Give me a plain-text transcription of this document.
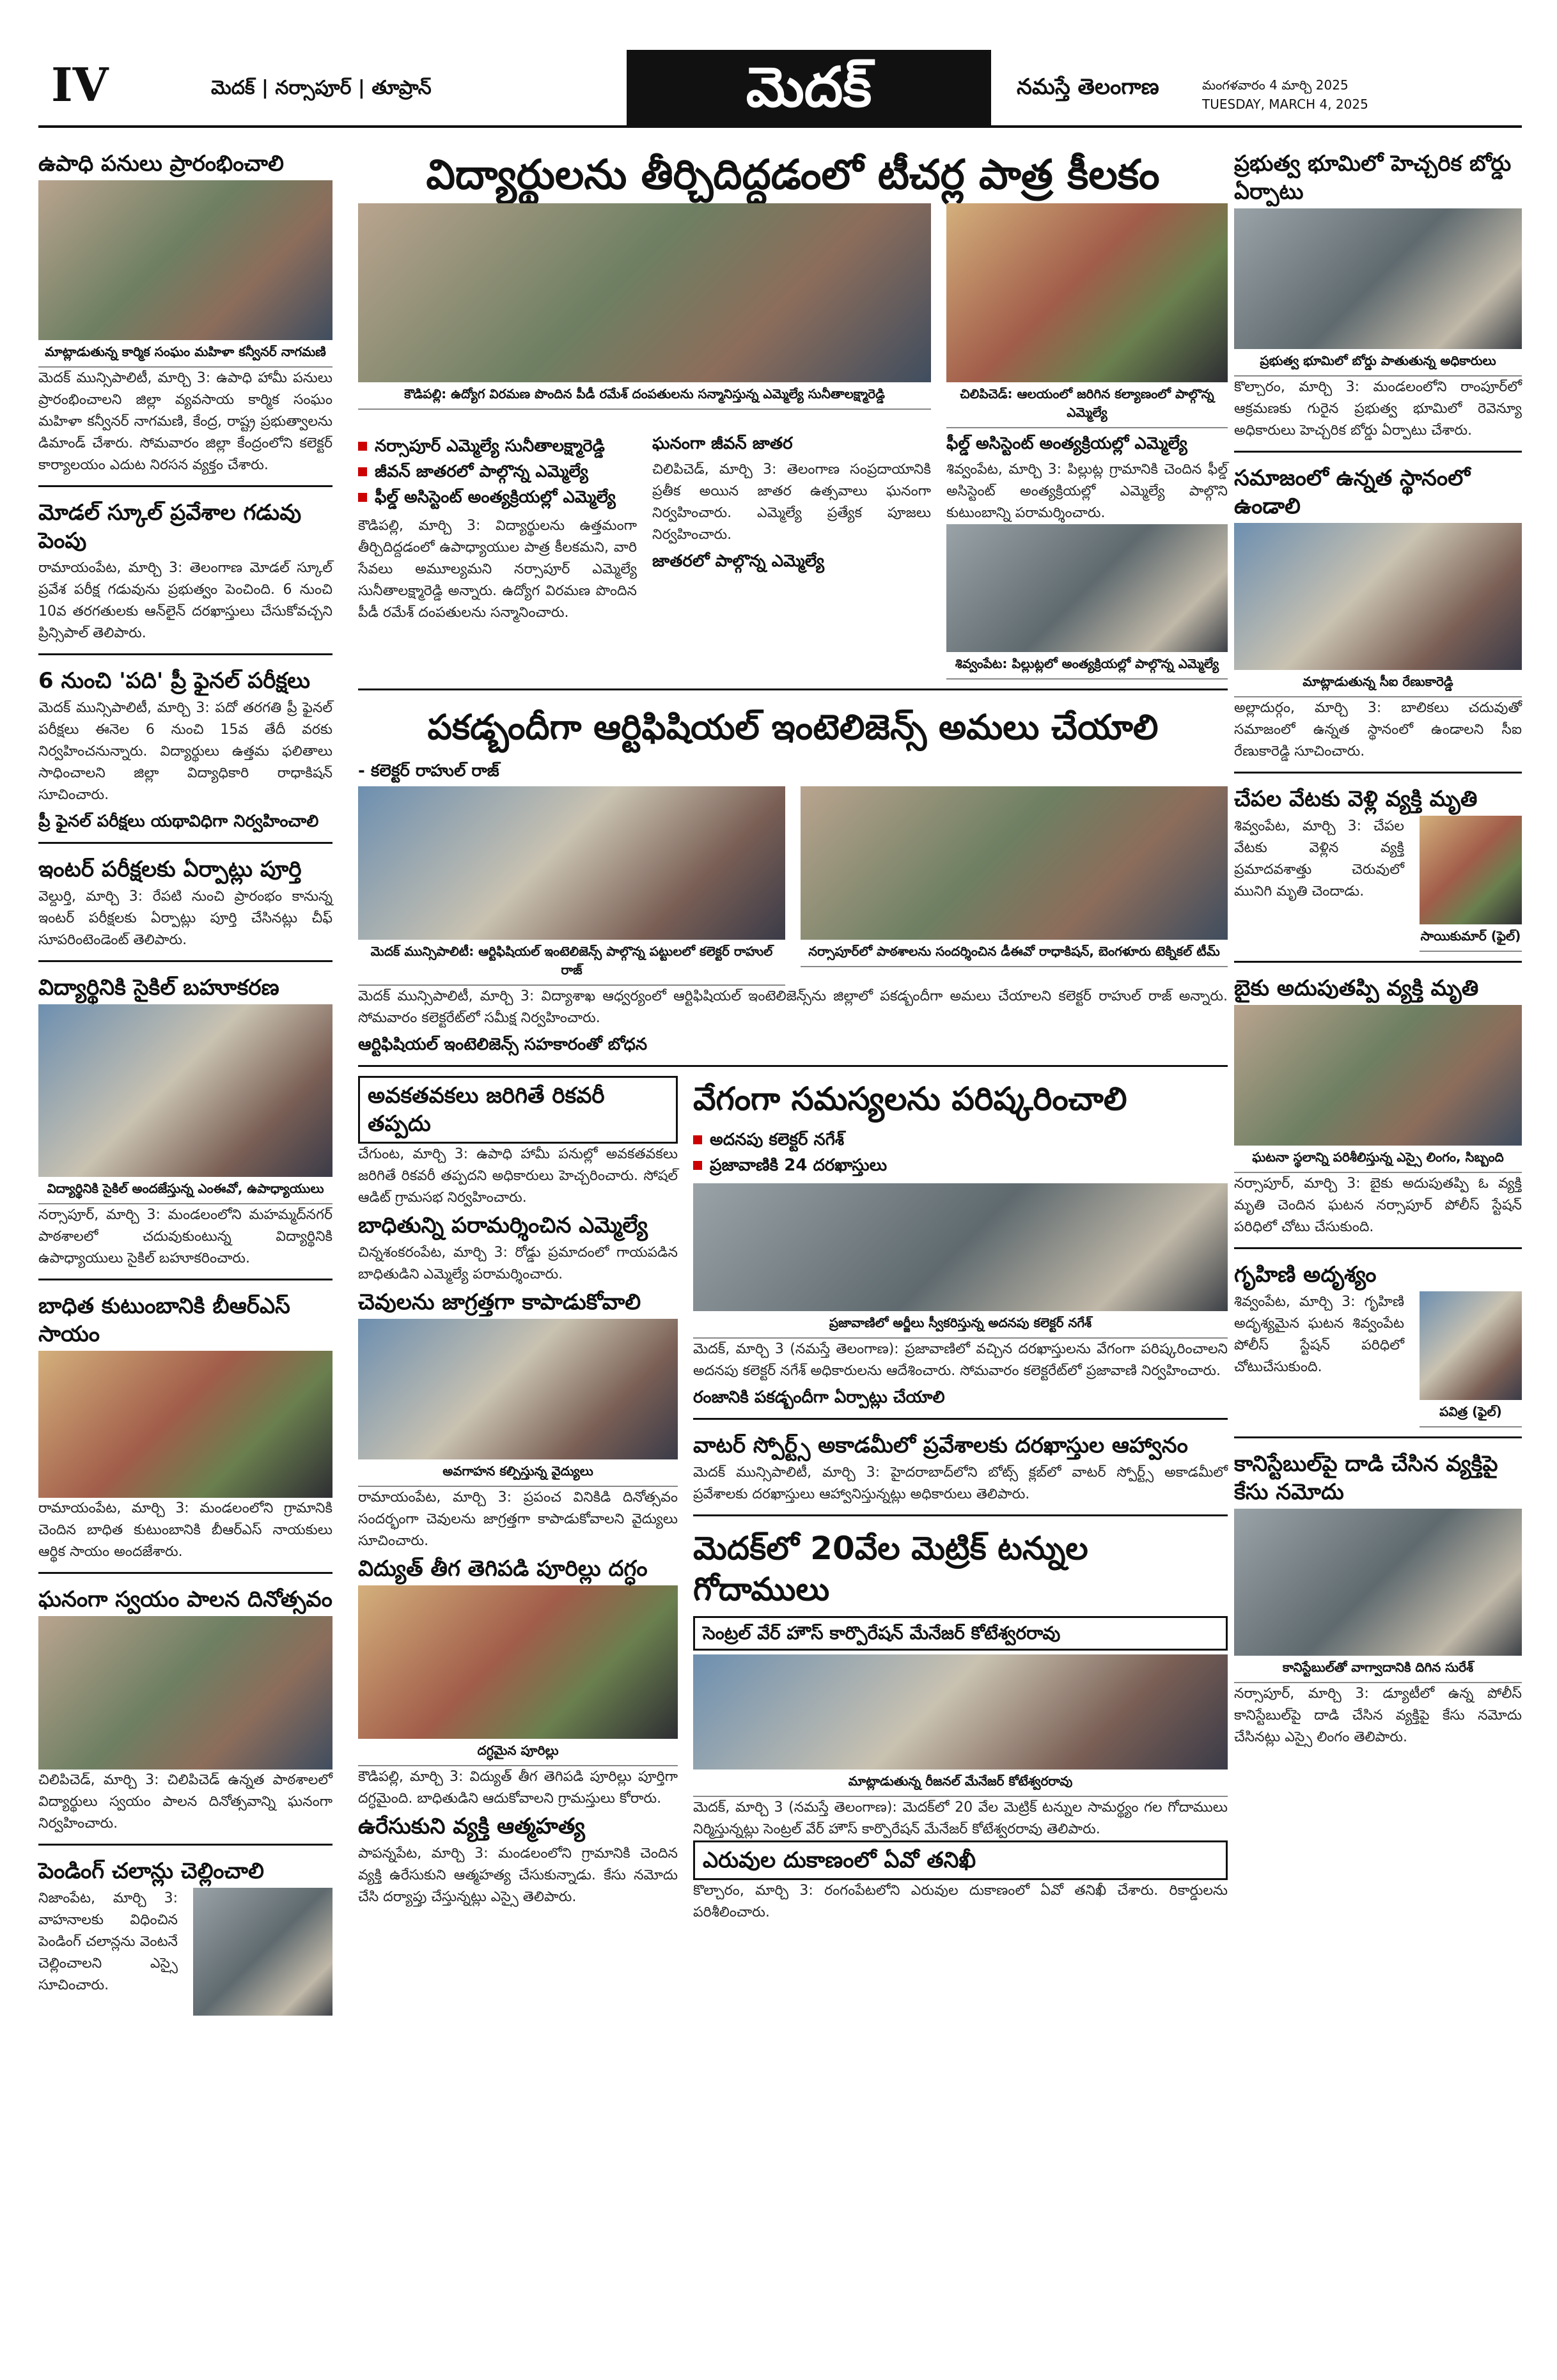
IV	మెదక్ | నర్సాపూర్ | తూప్రాన్	మెదక్	నమస్తే తెలంగాణ	మంగళవారం 4 మార్చి 2025
TUESDAY, MARCH 4, 2025
ఉపాధి పనులు ప్రారంభించాలి
మాట్లాడుతున్న కార్మిక సంఘం మహిళా కన్వీనర్ నాగమణి
మెదక్ మున్సిపాలిటీ, మార్చి 3: ఉపాధి హామీ పనులు ప్రారంభించాలని జిల్లా వ్యవసాయ కార్మిక సంఘం మహిళా కన్వీనర్ నాగమణి, కేంద్ర, రాష్ట్ర ప్రభుత్వాలను డిమాండ్ చేశారు. సోమవారం జిల్లా కేంద్రంలోని కలెక్టర్ కార్యాలయం ఎదుట నిరసన వ్యక్తం చేశారు.
మోడల్ స్కూల్ ప్రవేశాల గడువు పెంపు
రామాయంపేట, మార్చి 3: తెలంగాణ మోడల్ స్కూల్ ప్రవేశ పరీక్ష గడువును ప్రభుత్వం పెంచింది. 6 నుంచి 10వ తరగతులకు ఆన్‌లైన్ దరఖాస్తులు చేసుకోవచ్చని ప్రిన్సిపాల్ తెలిపారు.
6 నుంచి 'పది' ప్రీ ఫైనల్ పరీక్షలు
మెదక్ మున్సిపాలిటీ, మార్చి 3: పదో తరగతి ప్రీ ఫైనల్ పరీక్షలు ఈనెల 6 నుంచి 15వ తేదీ వరకు నిర్వహించనున్నారు. విద్యార్థులు ఉత్తమ ఫలితాలు సాధించాలని జిల్లా విద్యాధికారి రాధాకిషన్ సూచించారు.
ప్రీ ఫైనల్ పరీక్షలు యథావిధిగా నిర్వహించాలి
ఇంటర్ పరీక్షలకు ఏర్పాట్లు పూర్తి
వెల్దుర్తి, మార్చి 3: రేపటి నుంచి ప్రారంభం కానున్న ఇంటర్ పరీక్షలకు ఏర్పాట్లు పూర్తి చేసినట్లు చీఫ్ సూపరింటెండెంట్ తెలిపారు.
విద్యార్థినికి సైకిల్ బహూకరణ
విద్యార్థినికి సైకిల్ అందజేస్తున్న ఎంఈవో, ఉపాధ్యాయులు
నర్సాపూర్, మార్చి 3: మండలంలోని మహమ్మద్‌నగర్ పాఠశాలలో చదువుకుంటున్న విద్యార్థినికి ఉపాధ్యాయులు సైకిల్ బహూకరించారు.
బాధిత కుటుంబానికి బీఆర్‌ఎస్ సాయం
రామాయంపేట, మార్చి 3: మండలంలోని గ్రామానికి చెందిన బాధిత కుటుంబానికి బీఆర్‌ఎస్ నాయకులు ఆర్థిక సాయం అందజేశారు.
ఘనంగా స్వయం పాలన దినోత్సవం
చిలిపిచెడ్, మార్చి 3: చిలిపిచెడ్ ఉన్నత పాఠశాలలో విద్యార్థులు స్వయం పాలన దినోత్సవాన్ని ఘనంగా నిర్వహించారు.
పెండింగ్ చలాన్లు చెల్లించాలి
నిజాంపేట, మార్చి 3: వాహనాలకు విధించిన పెండింగ్ చలాన్లను వెంటనే చెల్లించాలని ఎస్సై సూచించారు.
విద్యార్థులను తీర్చిదిద్దడంలో టీచర్ల పాత్ర కీలకం
కౌడిపల్లి: ఉద్యోగ విరమణ పొందిన పీడీ రమేశ్ దంపతులను సన్మానిస్తున్న ఎమ్మెల్యే సునీతాలక్ష్మారెడ్డి	చిలిపిచెడ్: ఆలయంలో జరిగిన కల్యాణంలో పాల్గొన్న ఎమ్మెల్యే
నర్సాపూర్ ఎమ్మెల్యే సునీతాలక్ష్మారెడ్డి
జీవన్ జాతరలో పాల్గొన్న ఎమ్మెల్యే
ఫీల్డ్ అసిస్టెంట్ అంత్యక్రియల్లో ఎమ్మెల్యే
కౌడిపల్లి, మార్చి 3: విద్యార్థులను ఉత్తమంగా తీర్చిదిద్దడంలో ఉపాధ్యాయుల పాత్ర కీలకమని, వారి సేవలు అమూల్యమని నర్సాపూర్ ఎమ్మెల్యే సునీతాలక్ష్మారెడ్డి అన్నారు. ఉద్యోగ విరమణ పొందిన పీడీ రమేశ్ దంపతులను సన్మానించారు.
ఘనంగా జీవన్ జాతర
చిలిపిచెడ్, మార్చి 3: తెలంగాణ సంప్రదాయానికి ప్రతీక అయిన జాతర ఉత్సవాలు ఘనంగా నిర్వహించారు. ఎమ్మెల్యే ప్రత్యేక పూజలు నిర్వహించారు.
జాతరలో పాల్గొన్న ఎమ్మెల్యే
ఫీల్డ్ అసిస్టెంట్ అంత్యక్రియల్లో ఎమ్మెల్యే
శివ్వంపేట, మార్చి 3: పిల్లుట్ల గ్రామానికి చెందిన ఫీల్డ్ అసిస్టెంట్ అంత్యక్రియల్లో ఎమ్మెల్యే పాల్గొని కుటుంబాన్ని పరామర్శించారు.
శివ్వంపేట: పిల్లుట్లలో అంత్యక్రియల్లో పాల్గొన్న ఎమ్మెల్యే
పకడ్బందీగా ఆర్టిఫిషియల్ ఇంటెలిజెన్స్ అమలు చేయాలి
- కలెక్టర్ రాహుల్ రాజ్
మెదక్ మున్సిపాలిటీ: ఆర్టిఫిషియల్ ఇంటెలిజెన్స్ పాల్గొన్న పట్టులలో కలెక్టర్ రాహుల్ రాజ్
నర్సాపూర్‌లో పాఠశాలను సందర్శించిన డీఈవో రాధాకిషన్, బెంగళూరు టెక్నికల్ టీమ్
మెదక్ మున్సిపాలిటీ, మార్చి 3: విద్యాశాఖ ఆధ్వర్యంలో ఆర్టిఫిషియల్ ఇంటెలిజెన్స్‌ను జిల్లాలో పకడ్బందీగా అమలు చేయాలని కలెక్టర్ రాహుల్ రాజ్ అన్నారు. సోమవారం కలెక్టరేట్‌లో సమీక్ష నిర్వహించారు.
ఆర్టిఫిషియల్ ఇంటెలిజెన్స్ సహకారంతో బోధన
అవకతవకలు జరిగితే రికవరీ తప్పదు
చేగుంట, మార్చి 3: ఉపాధి హామీ పనుల్లో అవకతవకలు జరిగితే రికవరీ తప్పదని అధికారులు హెచ్చరించారు. సోషల్ ఆడిట్ గ్రామసభ నిర్వహించారు.
బాధితున్ని పరామర్శించిన ఎమ్మెల్యే
చిన్నశంకరంపేట, మార్చి 3: రోడ్డు ప్రమాదంలో గాయపడిన బాధితుడిని ఎమ్మెల్యే పరామర్శించారు.
చెవులను జాగ్రత్తగా కాపాడుకోవాలి
అవగాహన కల్పిస్తున్న వైద్యులు
రామాయంపేట, మార్చి 3: ప్రపంచ వినికిడి దినోత్సవం సందర్భంగా చెవులను జాగ్రత్తగా కాపాడుకోవాలని వైద్యులు సూచించారు.
విద్యుత్ తీగ తెగిపడి పూరిల్లు దగ్ధం
దగ్ధమైన పూరిల్లు
కౌడిపల్లి, మార్చి 3: విద్యుత్ తీగ తెగిపడి పూరిల్లు పూర్తిగా దగ్ధమైంది. బాధితుడిని ఆదుకోవాలని గ్రామస్తులు కోరారు.
ఉరేసుకుని వ్యక్తి ఆత్మహత్య
పాపన్నపేట, మార్చి 3: మండలంలోని గ్రామానికి చెందిన వ్యక్తి ఉరేసుకుని ఆత్మహత్య చేసుకున్నాడు. కేసు నమోదు చేసి దర్యాప్తు చేస్తున్నట్లు ఎస్సై తెలిపారు.
వేగంగా సమస్యలను పరిష్కరించాలి
అదనపు కలెక్టర్ నగేశ్
ప్రజావాణికి 24 దరఖాస్తులు
ప్రజావాణిలో అర్జీలు స్వీకరిస్తున్న అదనపు కలెక్టర్ నగేశ్
మెదక్, మార్చి 3 (నమస్తే తెలంగాణ): ప్రజావాణిలో వచ్చిన దరఖాస్తులను వేగంగా పరిష్కరించాలని అదనపు కలెక్టర్ నగేశ్ అధికారులను ఆదేశించారు. సోమవారం కలెక్టరేట్‌లో ప్రజావాణి నిర్వహించారు.
రంజానికి పకడ్బందీగా ఏర్పాట్లు చేయాలి
వాటర్ స్పోర్ట్స్ అకాడమీలో ప్రవేశాలకు దరఖాస్తుల ఆహ్వానం
మెదక్ మున్సిపాలిటీ, మార్చి 3: హైదరాబాద్‌లోని బోట్స్ క్లబ్‌లో వాటర్ స్పోర్ట్స్ అకాడమీలో ప్రవేశాలకు దరఖాస్తులు ఆహ్వానిస్తున్నట్లు అధికారులు తెలిపారు.
మెదక్‌లో 20వేల మెట్రిక్ టన్నుల గోదాములు
సెంట్రల్ వేర్ హౌస్ కార్పొరేషన్ మేనేజర్ కోటేశ్వరరావు
మాట్లాడుతున్న రీజనల్ మేనేజర్ కోటేశ్వరరావు
మెదక్, మార్చి 3 (నమస్తే తెలంగాణ): మెదక్‌లో 20 వేల మెట్రిక్ టన్నుల సామర్థ్యం గల గోదాములు నిర్మిస్తున్నట్లు సెంట్రల్ వేర్ హౌస్ కార్పొరేషన్ మేనేజర్ కోటేశ్వరరావు తెలిపారు.
ఎరువుల దుకాణంలో ఏవో తనిఖీ
కొల్చారం, మార్చి 3: రంగంపేటలోని ఎరువుల దుకాణంలో ఏవో తనిఖీ చేశారు. రికార్డులను పరిశీలించారు.
ప్రభుత్వ భూమిలో హెచ్చరిక బోర్డు ఏర్పాటు
ప్రభుత్వ భూమిలో బోర్డు పాతుతున్న అధికారులు
కొల్చారం, మార్చి 3: మండలంలోని రాంపూర్‌లో ఆక్రమణకు గురైన ప్రభుత్వ భూమిలో రెవెన్యూ అధికారులు హెచ్చరిక బోర్డు ఏర్పాటు చేశారు.
సమాజంలో ఉన్నత స్థానంలో ఉండాలి
మాట్లాడుతున్న సీఐ రేణుకారెడ్డి
అల్లాదుర్గం, మార్చి 3: బాలికలు చదువుతో సమాజంలో ఉన్నత స్థానంలో ఉండాలని సీఐ రేణుకారెడ్డి సూచించారు.
చేపల వేటకు వెళ్లి వ్యక్తి మృతి
శివ్వంపేట, మార్చి 3: చేపల వేటకు వెళ్లిన వ్యక్తి ప్రమాదవశాత్తు చెరువులో మునిగి మృతి చెందాడు.
సాయికుమార్ (ఫైల్)
బైకు అదుపుతప్పి వ్యక్తి మృతి
ఘటనా స్థలాన్ని పరిశీలిస్తున్న ఎస్సై లింగం, సిబ్బంది
నర్సాపూర్, మార్చి 3: బైకు అదుపుతప్పి ఓ వ్యక్తి మృతి చెందిన ఘటన నర్సాపూర్ పోలీస్ స్టేషన్ పరిధిలో చోటు చేసుకుంది.
గృహిణి అదృశ్యం
శివ్వంపేట, మార్చి 3: గృహిణి అదృశ్యమైన ఘటన శివ్వంపేట పోలీస్ స్టేషన్ పరిధిలో చోటుచేసుకుంది.
పవిత్ర (ఫైల్)
కానిస్టేబుల్‌పై దాడి చేసిన వ్యక్తిపై కేసు నమోదు
కానిస్టేబుల్‌తో వాగ్వాదానికి దిగిన సురేశ్
నర్సాపూర్, మార్చి 3: డ్యూటీలో ఉన్న పోలీస్ కానిస్టేబుల్‌పై దాడి చేసిన వ్యక్తిపై కేసు నమోదు చేసినట్లు ఎస్సై లింగం తెలిపారు.
